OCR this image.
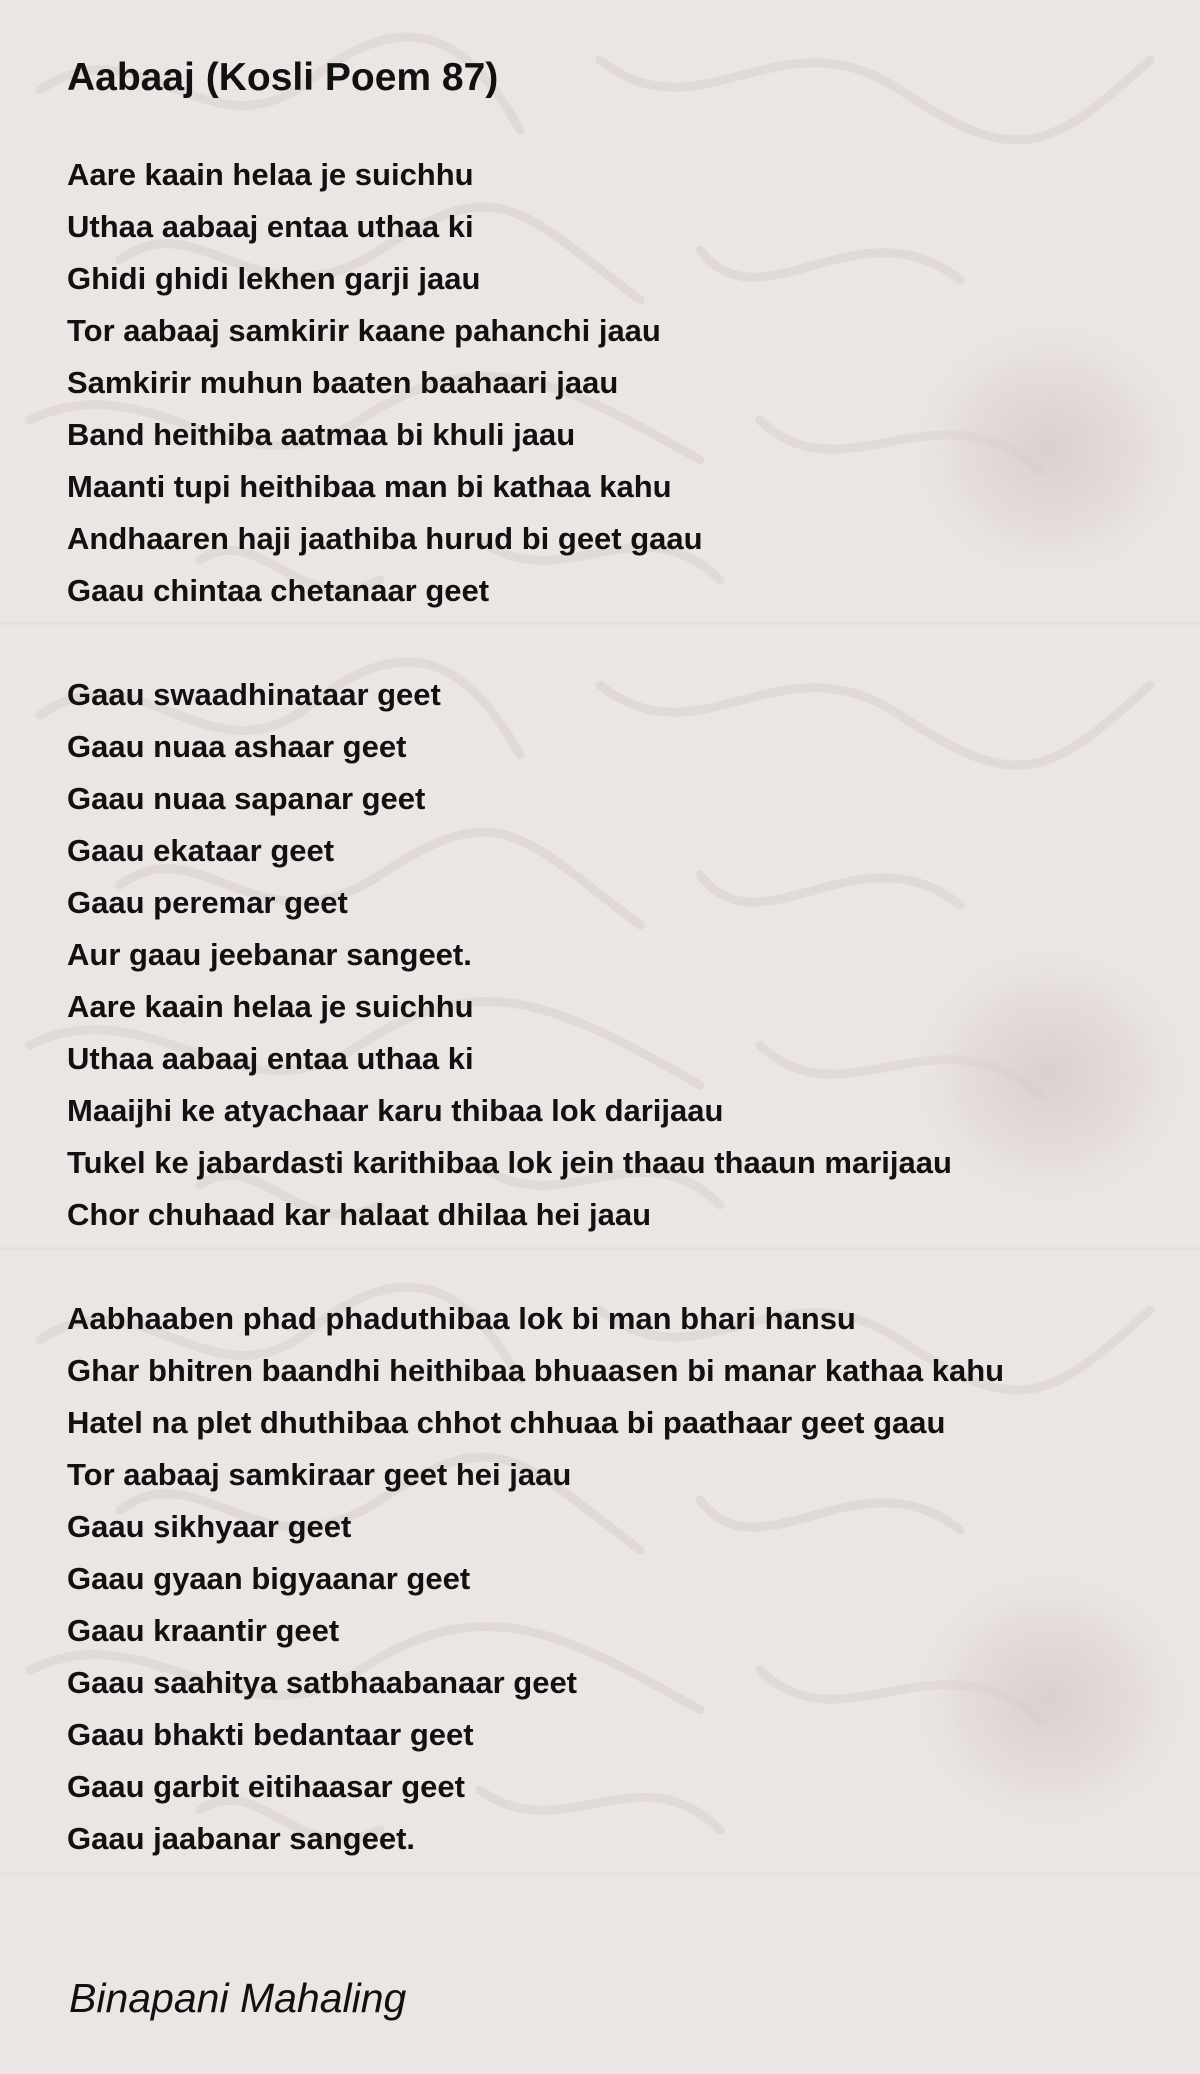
Aabaaj (Kosli Poem 87)
Aare kaain helaa je suichhu
Uthaa aabaaj entaa uthaa ki
Ghidi ghidi lekhen garji jaau
Tor aabaaj samkirir kaane pahanchi jaau
Samkirir muhun baaten baahaari jaau
Band heithiba aatmaa bi khuli jaau
Maanti tupi heithibaa man bi kathaa kahu
Andhaaren haji jaathiba hurud bi geet gaau
Gaau chintaa chetanaar geet
Gaau swaadhinataar geet
Gaau nuaa ashaar geet
Gaau nuaa sapanar geet
Gaau ekataar geet
Gaau peremar geet
Aur gaau jeebanar sangeet.
Aare kaain helaa je suichhu
Uthaa aabaaj entaa uthaa ki
Maaijhi ke atyachaar karu thibaa lok darijaau
Tukel ke jabardasti karithibaa lok jein thaau thaaun marijaau
Chor chuhaad kar halaat dhilaa hei jaau
Aabhaaben phad phaduthibaa lok bi man bhari hansu
Ghar bhitren baandhi heithibaa bhuaasen bi manar kathaa kahu
Hatel na plet dhuthibaa chhot chhuaa bi paathaar geet gaau
Tor aabaaj samkiraar geet hei jaau
Gaau sikhyaar geet
Gaau gyaan bigyaanar geet
Gaau kraantir geet
Gaau saahitya satbhaabanaar geet
Gaau bhakti bedantaar geet
Gaau garbit eitihaasar geet
Gaau jaabanar sangeet.
Binapani Mahaling
